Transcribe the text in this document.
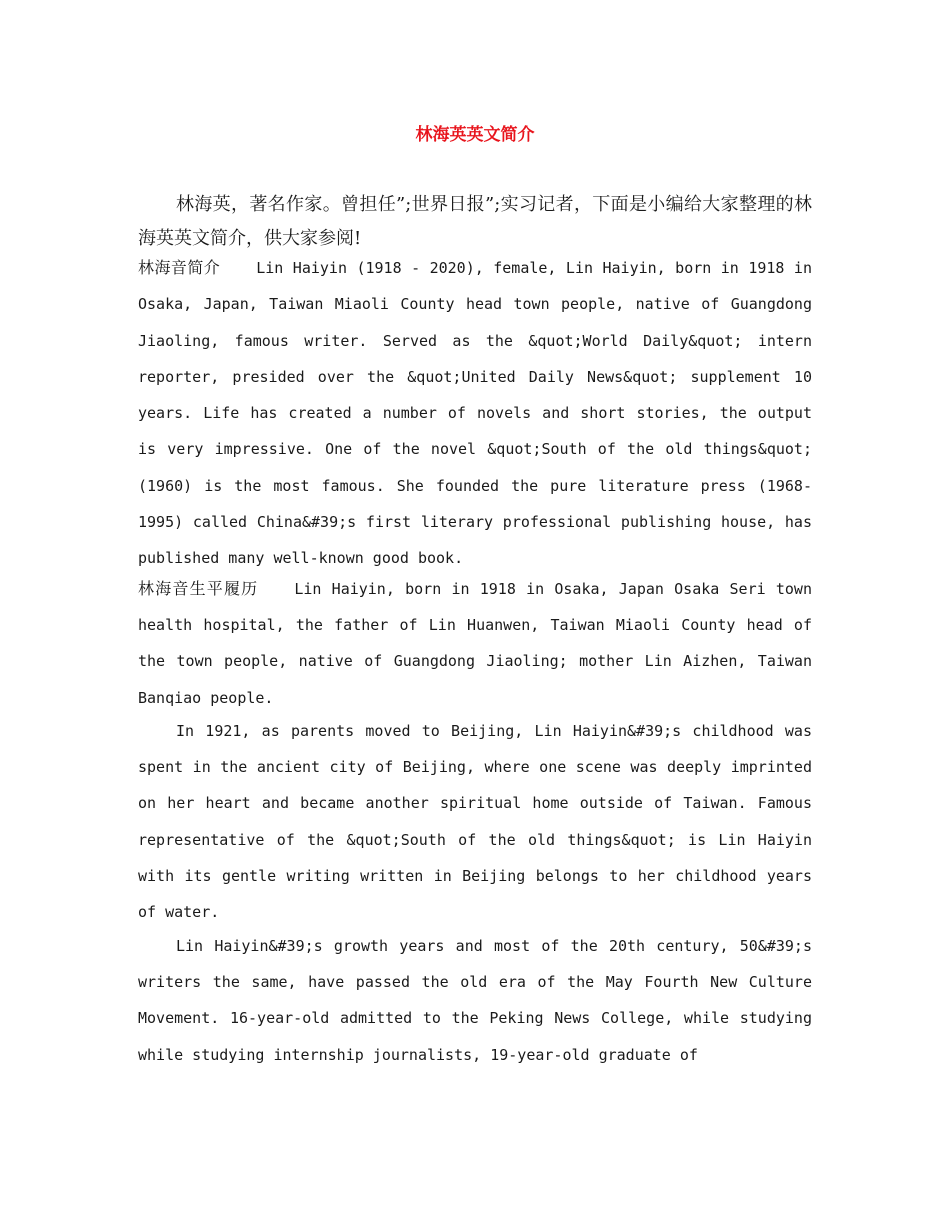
林海英英文简介

林海英，著名作家。曾担任”;世界日报”;实习记者，下面是小编给大家整理的林海英英文简介，供大家参阅!

林海音简介 Lin Haiyin (1918 - 2020), female, Lin Haiyin, born in 1918 in Osaka, Japan, Taiwan Miaoli County head town people, native of Guangdong Jiaoling, famous writer. Served as the &quot;World Daily&quot; intern reporter, presided over the &quot;United Daily News&quot; supplement 10 years. Life has created a number of novels and short stories, the output is very impressive. One of the novel &quot;South of the old things&quot; (1960) is the most famous. She founded the pure literature press (1968-1995) called China&#39;s first literary professional publishing house, has published many well-known good book.

林海音生平履历 Lin Haiyin, born in 1918 in Osaka, Japan Osaka Seri town health hospital, the father of Lin Huanwen, Taiwan Miaoli County head of the town people, native of Guangdong Jiaoling; mother Lin Aizhen, Taiwan Banqiao people.

In 1921, as parents moved to Beijing, Lin Haiyin&#39;s childhood was spent in the ancient city of Beijing, where one scene was deeply imprinted on her heart and became another spiritual home outside of Taiwan. Famous representative of the &quot;South of the old things&quot; is Lin Haiyin with its gentle writing written in Beijing belongs to her childhood years of water.

Lin Haiyin&#39;s growth years and most of the 20th century, 50&#39;s writers the same, have passed the old era of the May Fourth New Culture Movement. 16-year-old admitted to the Peking News College, while studying while studying internship journalists, 19-year-old graduate of
